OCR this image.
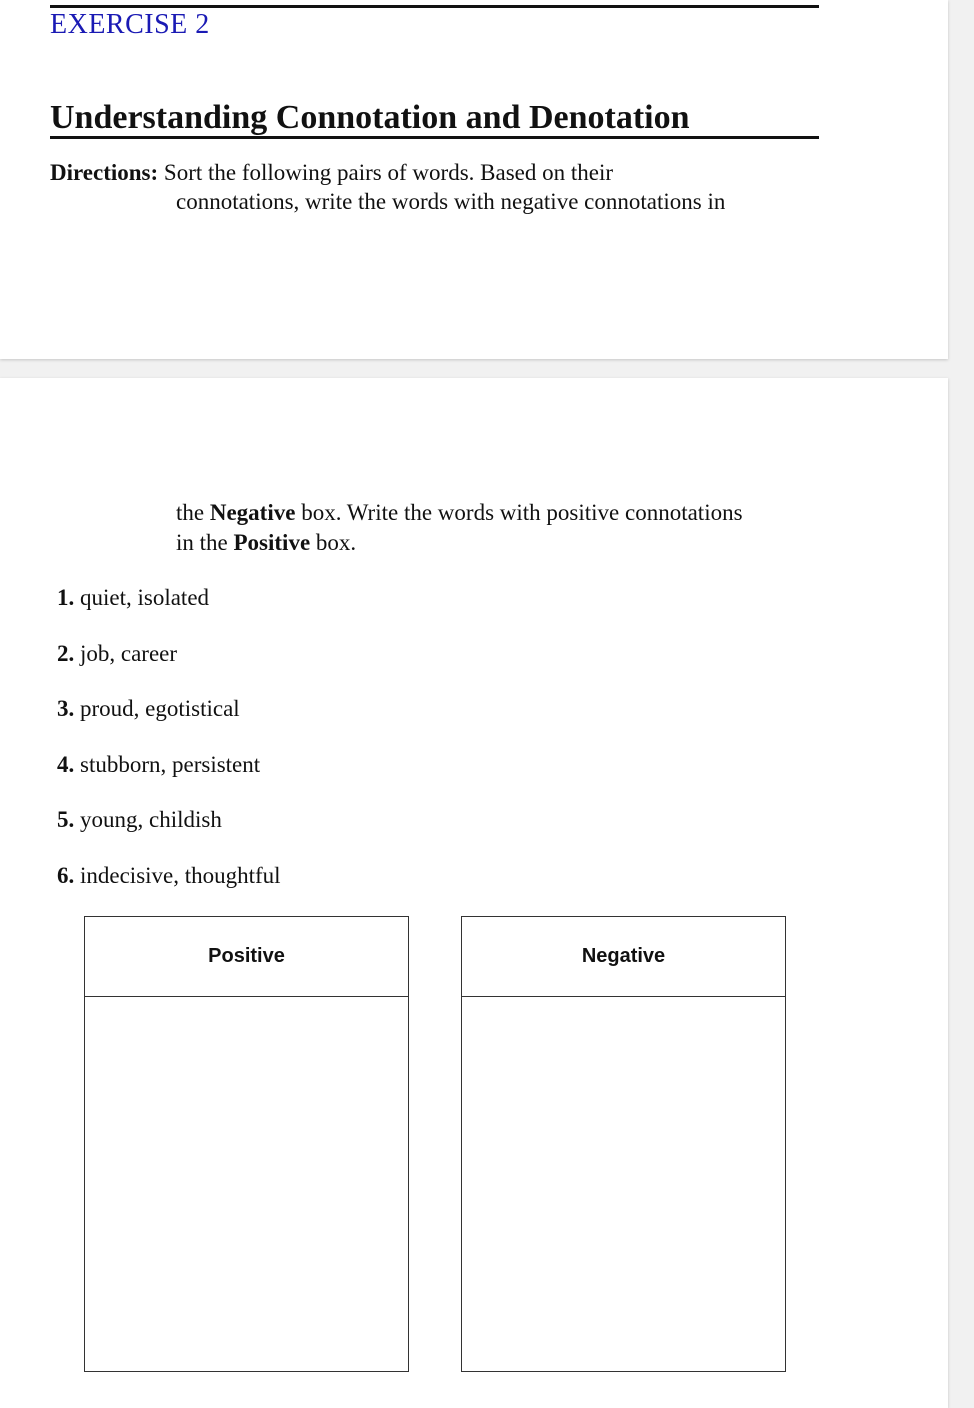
EXERCISE 2
Understanding Connotation and Denotation
Directions: Sort the following pairs of words. Based on their
connotations, write the words with negative connotations in
the Negative box. Write the words with positive connotations
in the Positive box.
1. quiet, isolated
2. job, career
3. proud, egotistical
4. stubborn, persistent
5. young, childish
6. indecisive, thoughtful
Positive	Negative
